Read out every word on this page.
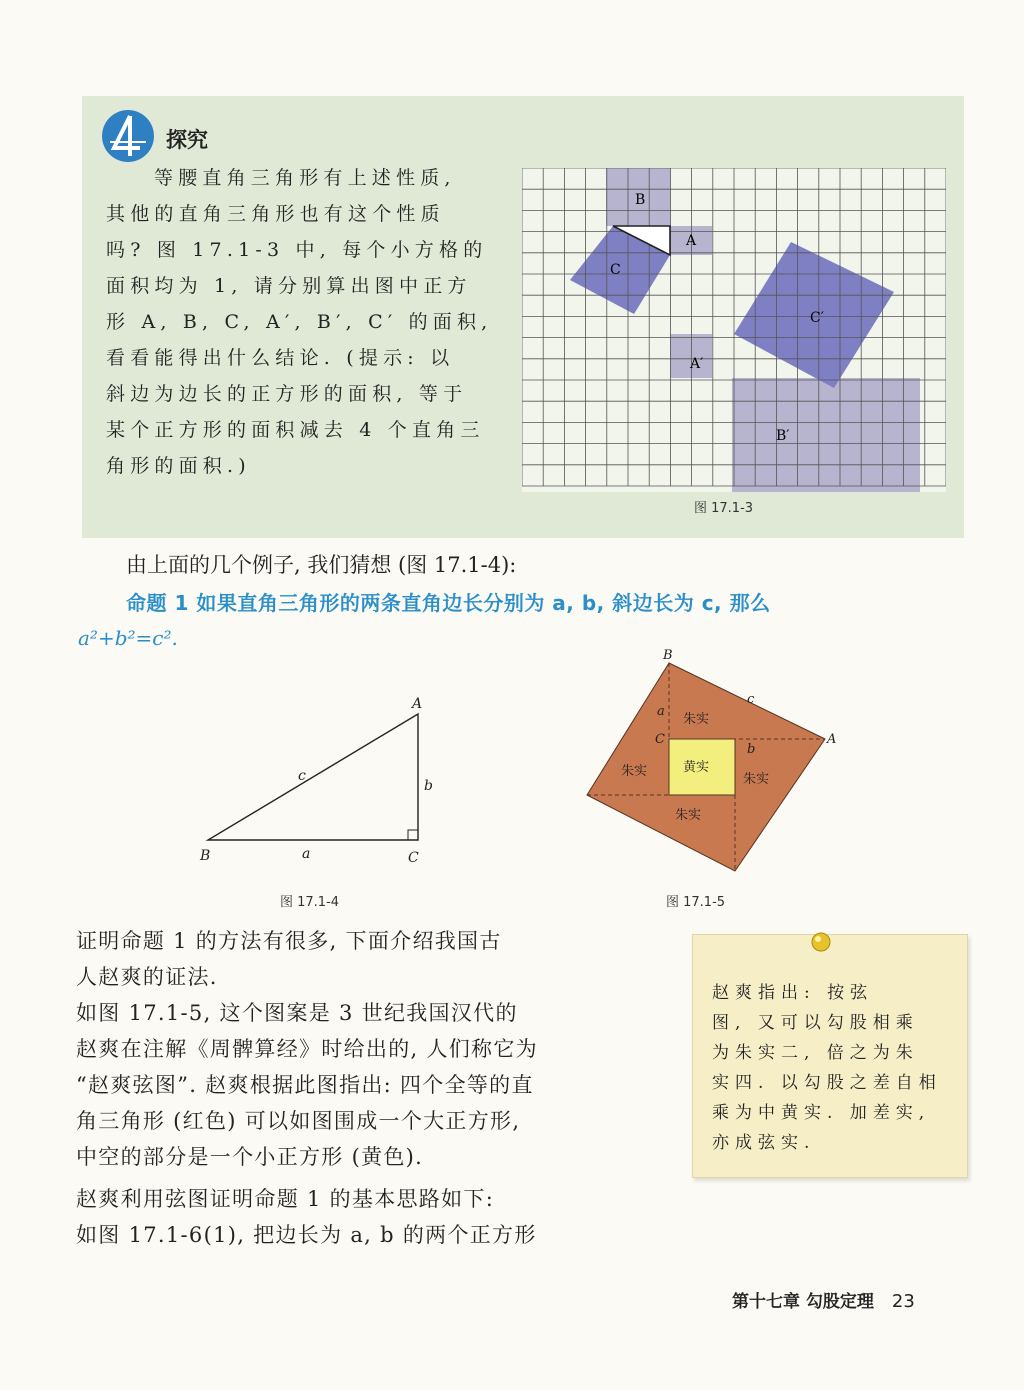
探究
等腰直角三角形有上述性质,
其他的直角三角形也有这个性质
吗? 图 17.1-3 中, 每个小方格的
面积均为 1, 请分别算出图中正方
形 A, B, C, A′, B′, C′ 的面积,
看看能得出什么结论. (提示: 以
斜边为边长的正方形的面积, 等于
某个正方形的面积减去 4 个直角三
角形的面积.)
B
A
C
C′
A′
B′
图 17.1-3
由上面的几个例子, 我们猜想 (图 17.1-4):
命题 1 如果直角三角形的两条直角边长分别为 a, b, 斜边长为 c, 那么
a²+b²=c².
A
B	C
a
b
c
图 17.1-4
B
A
C
a
b
c
朱实
朱实
朱实
朱实
黄实
图 17.1-5
证明命题 1 的方法有很多, 下面介绍我国古
人赵爽的证法.
如图 17.1-5, 这个图案是 3 世纪我国汉代的
赵爽在注解《周髀算经》时给出的, 人们称它为
“赵爽弦图”. 赵爽根据此图指出: 四个全等的直
角三角形 (红色) 可以如图围成一个大正方形,
中空的部分是一个小正方形 (黄色).
赵爽利用弦图证明命题 1 的基本思路如下:
如图 17.1-6(1), 把边长为 a, b 的两个正方形
赵爽指出: 按弦
图, 又可以勾股相乘
为朱实二, 倍之为朱
实四. 以勾股之差自相
乘为中黄实. 加差实,
亦成弦实.
第十七章 勾股定理 23
